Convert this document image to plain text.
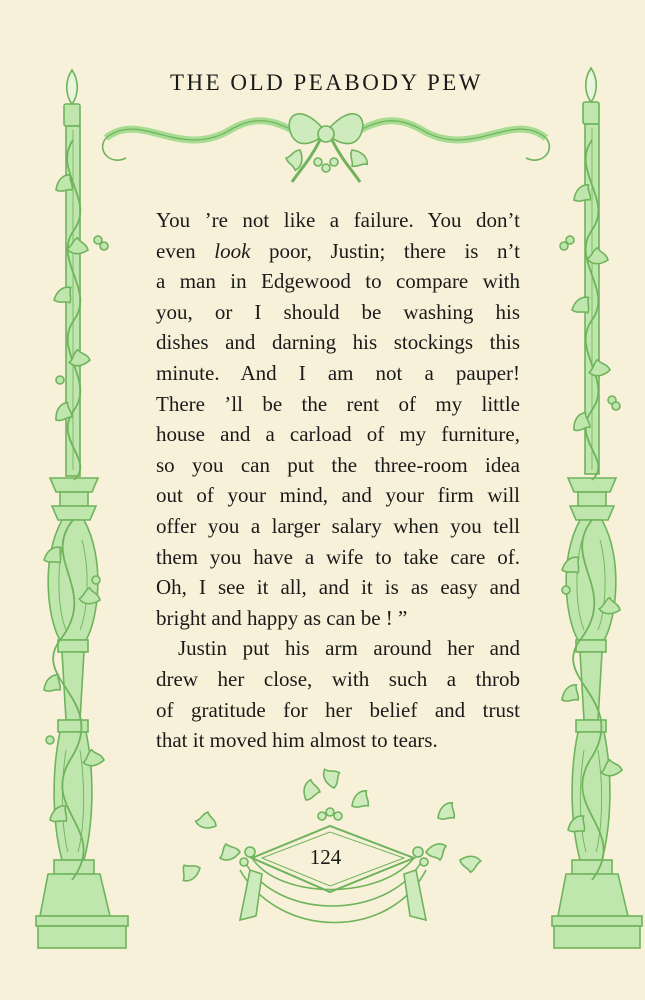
THE OLD PEABODY PEW
You ’re not like a failure. You don’t
even look poor, Justin; there is n’t
a man in Edgewood to compare with
you, or I should be washing his
dishes and darning his stockings this
minute. And I am not a pauper!
There ’ll be the rent of my little
house and a carload of my furniture,
so you can put the three-room idea
out of your mind, and your firm will
offer you a larger salary when you tell
them you have a wife to take care of.
Oh, I see it all, and it is as easy and
bright and happy as can be ! ”
Justin put his arm around her and
drew her close, with such a throb
of gratitude for her belief and trust
that it moved him almost to tears.
124
